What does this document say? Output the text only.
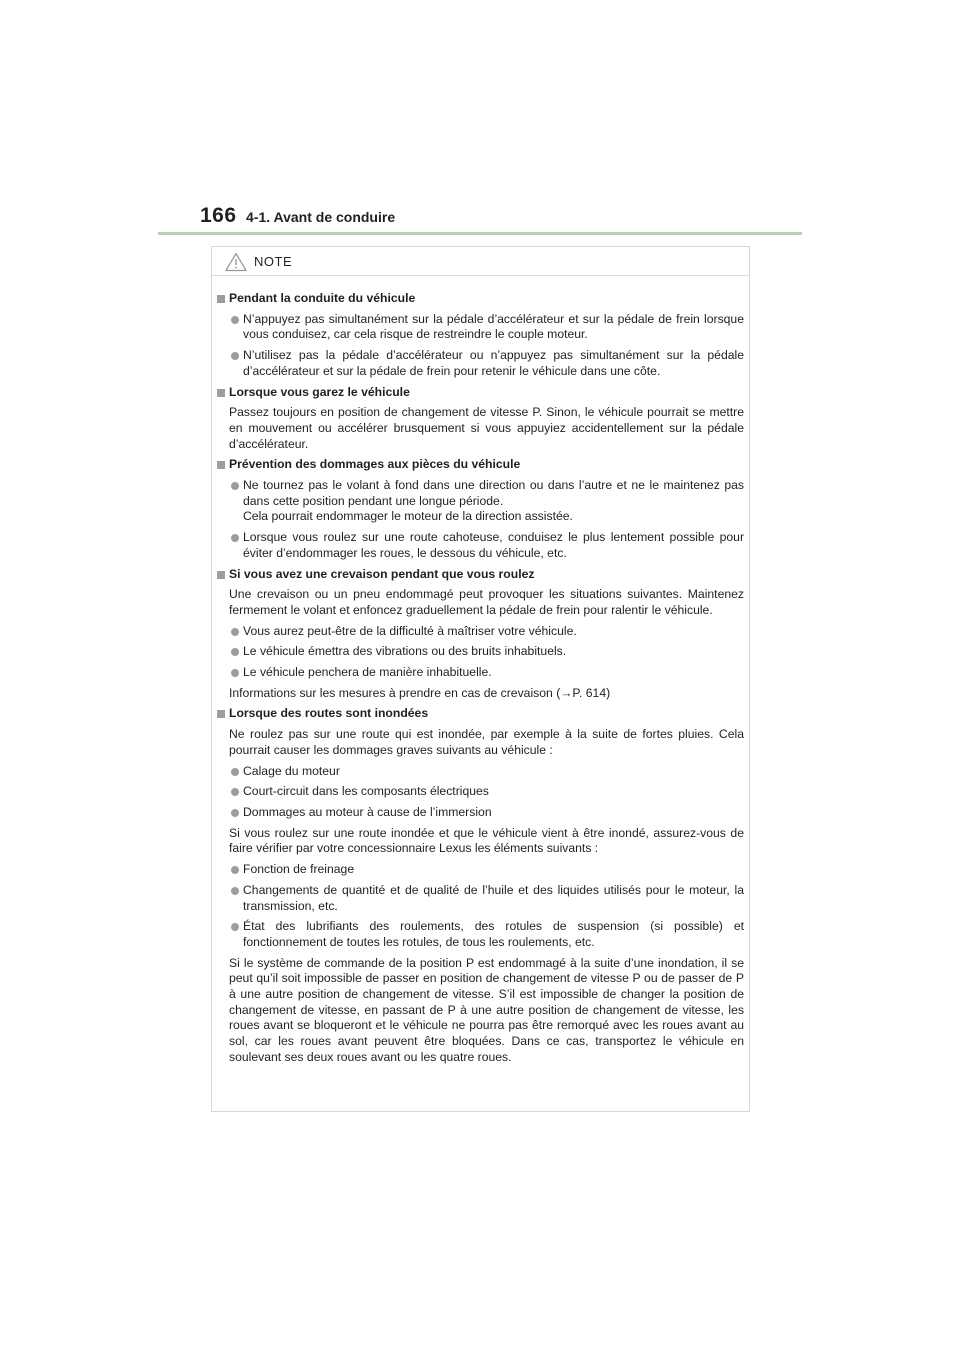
166 4-1. Avant de conduire
NOTE
Pendant la conduite du véhicule
N’appuyez pas simultanément sur la pédale d’accélérateur et sur la pédale de frein lorsque vous conduisez, car cela risque de restreindre le couple moteur.
N’utilisez pas la pédale d’accélérateur ou n’appuyez pas simultanément sur la pédale d’accélérateur et sur la pédale de frein pour retenir le véhicule dans une côte.
Lorsque vous garez le véhicule
Passez toujours en position de changement de vitesse P. Sinon, le véhicule pourrait se mettre en mouvement ou accélérer brusquement si vous appuyiez accidentellement sur la pédale d’accélérateur.
Prévention des dommages aux pièces du véhicule
Ne tournez pas le volant à fond dans une direction ou dans l’autre et ne le maintenez pas dans cette position pendant une longue période.
Cela pourrait endommager le moteur de la direction assistée.
Lorsque vous roulez sur une route cahoteuse, conduisez le plus lentement possible pour éviter d’endommager les roues, le dessous du véhicule, etc.
Si vous avez une crevaison pendant que vous roulez
Une crevaison ou un pneu endommagé peut provoquer les situations suivantes. Maintenez fermement le volant et enfoncez graduellement la pédale de frein pour ralentir le véhicule.
Vous aurez peut-être de la difficulté à maîtriser votre véhicule.
Le véhicule émettra des vibrations ou des bruits inhabituels.
Le véhicule penchera de manière inhabituelle.
Informations sur les mesures à prendre en cas de crevaison (→P. 614)
Lorsque des routes sont inondées
Ne roulez pas sur une route qui est inondée, par exemple à la suite de fortes pluies. Cela pourrait causer les dommages graves suivants au véhicule :
Calage du moteur
Court-circuit dans les composants électriques
Dommages au moteur à cause de l’immersion
Si vous roulez sur une route inondée et que le véhicule vient à être inondé, assurez-vous de faire vérifier par votre concessionnaire Lexus les éléments suivants :
Fonction de freinage
Changements de quantité et de qualité de l’huile et des liquides utilisés pour le moteur, la transmission, etc.
État des lubrifiants des roulements, des rotules de suspension (si possible) et fonctionnement de toutes les rotules, de tous les roulements, etc.
Si le système de commande de la position P est endommagé à la suite d’une inondation, il se peut qu’il soit impossible de passer en position de changement de vitesse P ou de passer de P à une autre position de changement de vitesse. S’il est impossible de changer la position de changement de vitesse, en passant de P à une autre position de changement de vitesse, les roues avant se bloqueront et le véhicule ne pourra pas être remorqué avec les roues avant au sol, car les roues avant peuvent être bloquées. Dans ce cas, transportez le véhicule en soulevant ses deux roues avant ou les quatre roues.
